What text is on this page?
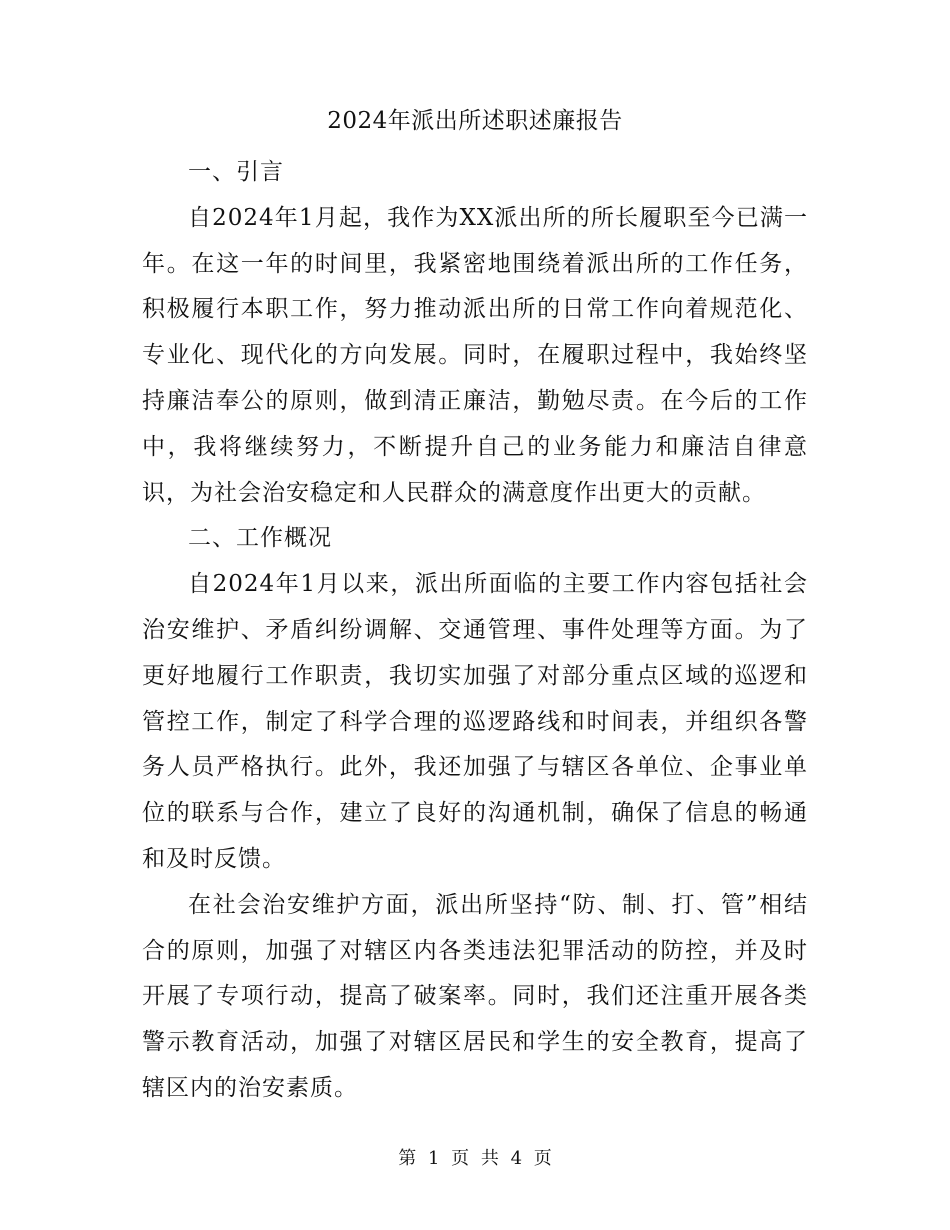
2024年派出所述职述廉报告

一、引言

自2024年1月起，我作为XX派出所的所长履职至今已满一年。在这一年的时间里，我紧密地围绕着派出所的工作任务，积极履行本职工作，努力推动派出所的日常工作向着规范化、专业化、现代化的方向发展。同时，在履职过程中，我始终坚持廉洁奉公的原则，做到清正廉洁，勤勉尽责。在今后的工作中，我将继续努力，不断提升自己的业务能力和廉洁自律意识，为社会治安稳定和人民群众的满意度作出更大的贡献。

二、工作概况

自2024年1月以来，派出所面临的主要工作内容包括社会治安维护、矛盾纠纷调解、交通管理、事件处理等方面。为了更好地履行工作职责，我切实加强了对部分重点区域的巡逻和管控工作，制定了科学合理的巡逻路线和时间表，并组织各警务人员严格执行。此外，我还加强了与辖区各单位、企事业单位的联系与合作，建立了良好的沟通机制，确保了信息的畅通和及时反馈。

在社会治安维护方面，派出所坚持“防、制、打、管”相结合的原则，加强了对辖区内各类违法犯罪活动的防控，并及时开展了专项行动，提高了破案率。同时，我们还注重开展各类警示教育活动，加强了对辖区居民和学生的安全教育，提高了辖区内的治安素质。

第 1 页 共 4 页
